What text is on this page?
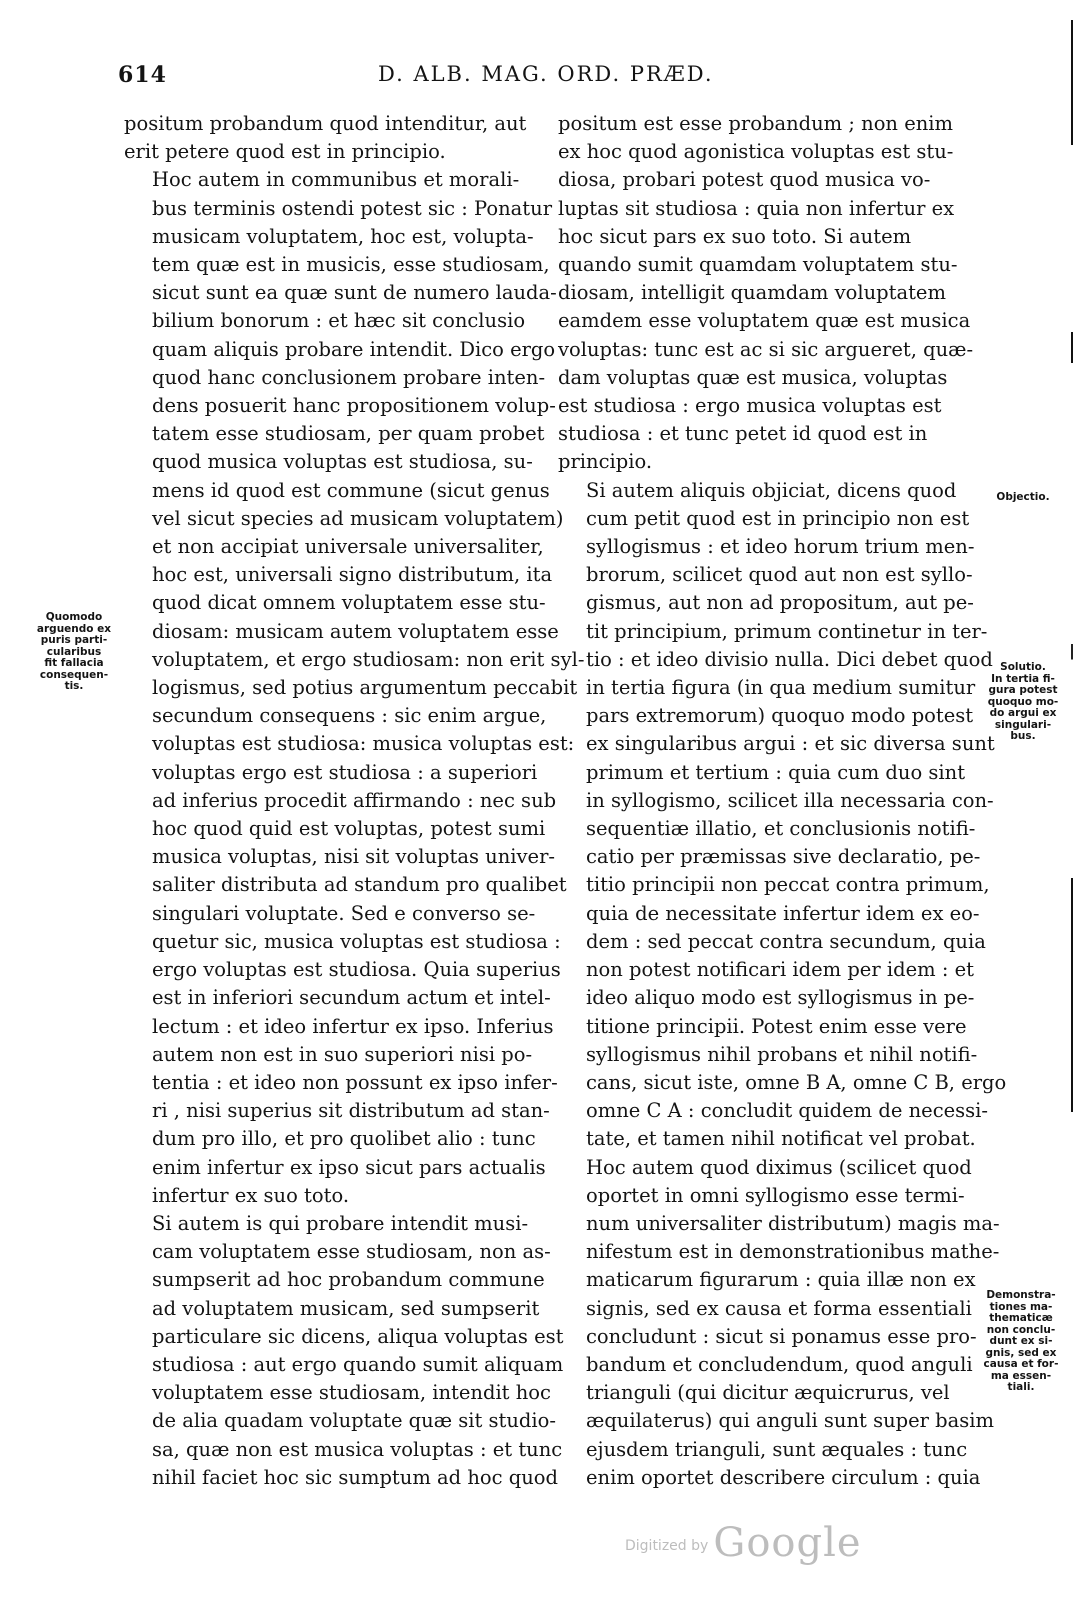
614	D. ALB. MAG. ORD. PRÆD.

positum probandum quod intenditur, aut
erit petere quod est in principio.

Hoc autem in communibus et morali-
bus terminis ostendi potest sic : Ponatur
musicam voluptatem, hoc est, volupta-
tem quæ est in musicis, esse studiosam,
sicut sunt ea quæ sunt de numero lauda-
bilium bonorum : et hæc sit conclusio
quam aliquis probare intendit. Dico ergo
quod hanc conclusionem probare inten-
dens posuerit hanc propositionem volup-
tatem esse studiosam, per quam probet
quod musica voluptas est studiosa, su-
mens id quod est commune (sicut genus
vel sicut species ad musicam voluptatem)
et non accipiat universale universaliter,
hoc est, universali signo distributum, ita
quod dicat omnem voluptatem esse stu-
diosam: musicam autem voluptatem esse
voluptatem, et ergo studiosam: non erit syl-
logismus, sed potius argumentum peccabit
secundum consequens : sic enim argue,
voluptas est studiosa: musica voluptas est:
voluptas ergo est studiosa : a superiori
ad inferius procedit affirmando : nec sub
hoc quod quid est voluptas, potest sumi
musica voluptas, nisi sit voluptas univer-
saliter distributa ad standum pro qualibet
singulari voluptate. Sed e converso se-
quetur sic, musica voluptas est studiosa :
ergo voluptas est studiosa. Quia superius
est in inferiori secundum actum et intel-
lectum : et ideo infertur ex ipso. Inferius
autem non est in suo superiori nisi po-
tentia : et ideo non possunt ex ipso infer-
ri , nisi superius sit distributum ad stan-
dum pro illo, et pro quolibet alio : tunc
enim infertur ex ipso sicut pars actualis
infertur ex suo toto.

Si autem is qui probare intendit musi-
cam voluptatem esse studiosam, non as-
sumpserit ad hoc probandum commune
ad voluptatem musicam, sed sumpserit
particulare sic dicens, aliqua voluptas est
studiosa : aut ergo quando sumit aliquam
voluptatem esse studiosam, intendit hoc
de alia quadam voluptate quæ sit studio-
sa, quæ non est musica voluptas : et tunc
nihil faciet hoc sic sumptum ad hoc quod

positum est esse probandum ; non enim
ex hoc quod agonistica voluptas est stu-
diosa, probari potest quod musica vo-
luptas sit studiosa : quia non infertur ex
hoc sicut pars ex suo toto. Si autem
quando sumit quamdam voluptatem stu-
diosam, intelligit quamdam voluptatem
eamdem esse voluptatem quæ est musica
voluptas: tunc est ac si sic argueret, quæ-
dam voluptas quæ est musica, voluptas
est studiosa : ergo musica voluptas est
studiosa : et tunc petet id quod est in
principio.

Si autem aliquis objiciat, dicens quod
cum petit quod est in principio non est
syllogismus : et ideo horum trium men-
brorum, scilicet quod aut non est syllo-
gismus, aut non ad propositum, aut pe-
tit principium, primum continetur in ter-
tio : et ideo divisio nulla. Dici debet quod
in tertia figura (in qua medium sumitur
pars extremorum) quoquo modo potest
ex singularibus argui : et sic diversa sunt
primum et tertium : quia cum duo sint
in syllogismo, scilicet illa necessaria con-
sequentiæ illatio, et conclusionis notifi-
catio per præmissas sive declaratio, pe-
titio principii non peccat contra primum,
quia de necessitate infertur idem ex eo-
dem : sed peccat contra secundum, quia
non potest notificari idem per idem : et
ideo aliquo modo est syllogismus in pe-
titione principii. Potest enim esse vere
syllogismus nihil probans et nihil notifi-
cans, sicut iste, omne B A, omne C B, ergo
omne C A : concludit quidem de necessi-
tate, et tamen nihil notificat vel probat.

Hoc autem quod diximus (scilicet quod
oportet in omni syllogismo esse termi-
num universaliter distributum) magis ma-
nifestum est in demonstrationibus mathe-
maticarum figurarum : quia illæ non ex
signis, sed ex causa et forma essentiali
concludunt : sicut si ponamus esse pro-
bandum et concludendum, quod anguli
trianguli (qui dicitur æquicrurus, vel
æquilaterus) qui anguli sunt super basim
ejusdem trianguli, sunt æquales : tunc
enim oportet describere circulum : quia

Quomodo
arguendo ex
puris parti-
cularibus
fit fallacia
consequen-
tis.
Objectio.
Solutio.
In tertia fi-
gura potest
quoquo mo-
do argui ex
singulari-
bus.
Demonstra-
tiones ma-
thematicæ
non conclu-
dunt ex si-
gnis, sed ex
causa et for-
ma essen-
tiali.
Digitized by Google
